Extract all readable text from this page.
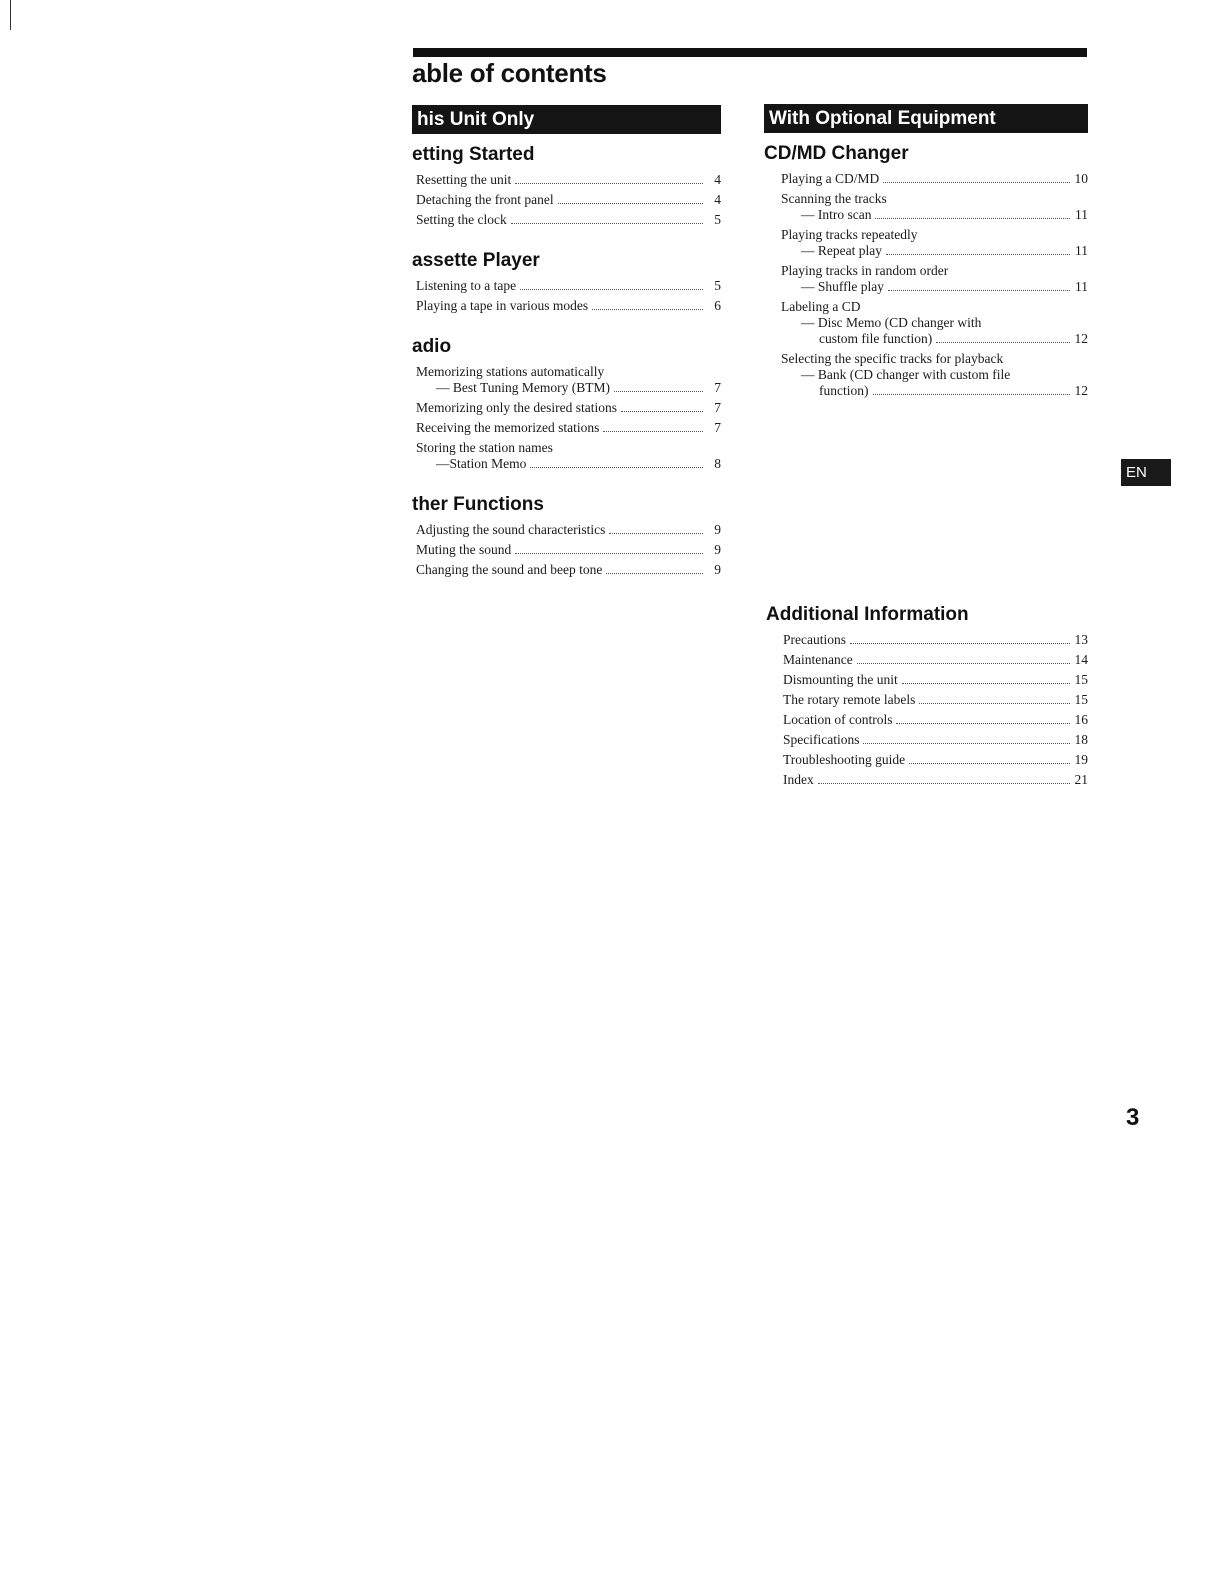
able of contents
his Unit Only
etting Started
Resetting the unit	4
Detaching the front panel	4
Setting the clock	5
assette Player
Listening to a tape	5
Playing a tape in various modes	6
adio
Memorizing stations automatically
— Best Tuning Memory (BTM)	7
Memorizing only the desired stations	7
Receiving the memorized stations	7
Storing the station names
—Station Memo	8
ther Functions
Adjusting the sound characteristics	9
Muting the sound	9
Changing the sound and beep tone	9
With Optional Equipment
CD/MD Changer
Playing a CD/MD	10
Scanning the tracks
— Intro scan	11
Playing tracks repeatedly
— Repeat play	11
Playing tracks in random order
— Shuffle play	11
Labeling a CD
— Disc Memo (CD changer with
custom file function)	12
Selecting the specific tracks for playback
— Bank (CD changer with custom file
function)	12
Additional Information
Precautions	13
Maintenance	14
Dismounting the unit	15
The rotary remote labels	15
Location of controls	16
Specifications	18
Troubleshooting guide	19
Index	21
EN
3
